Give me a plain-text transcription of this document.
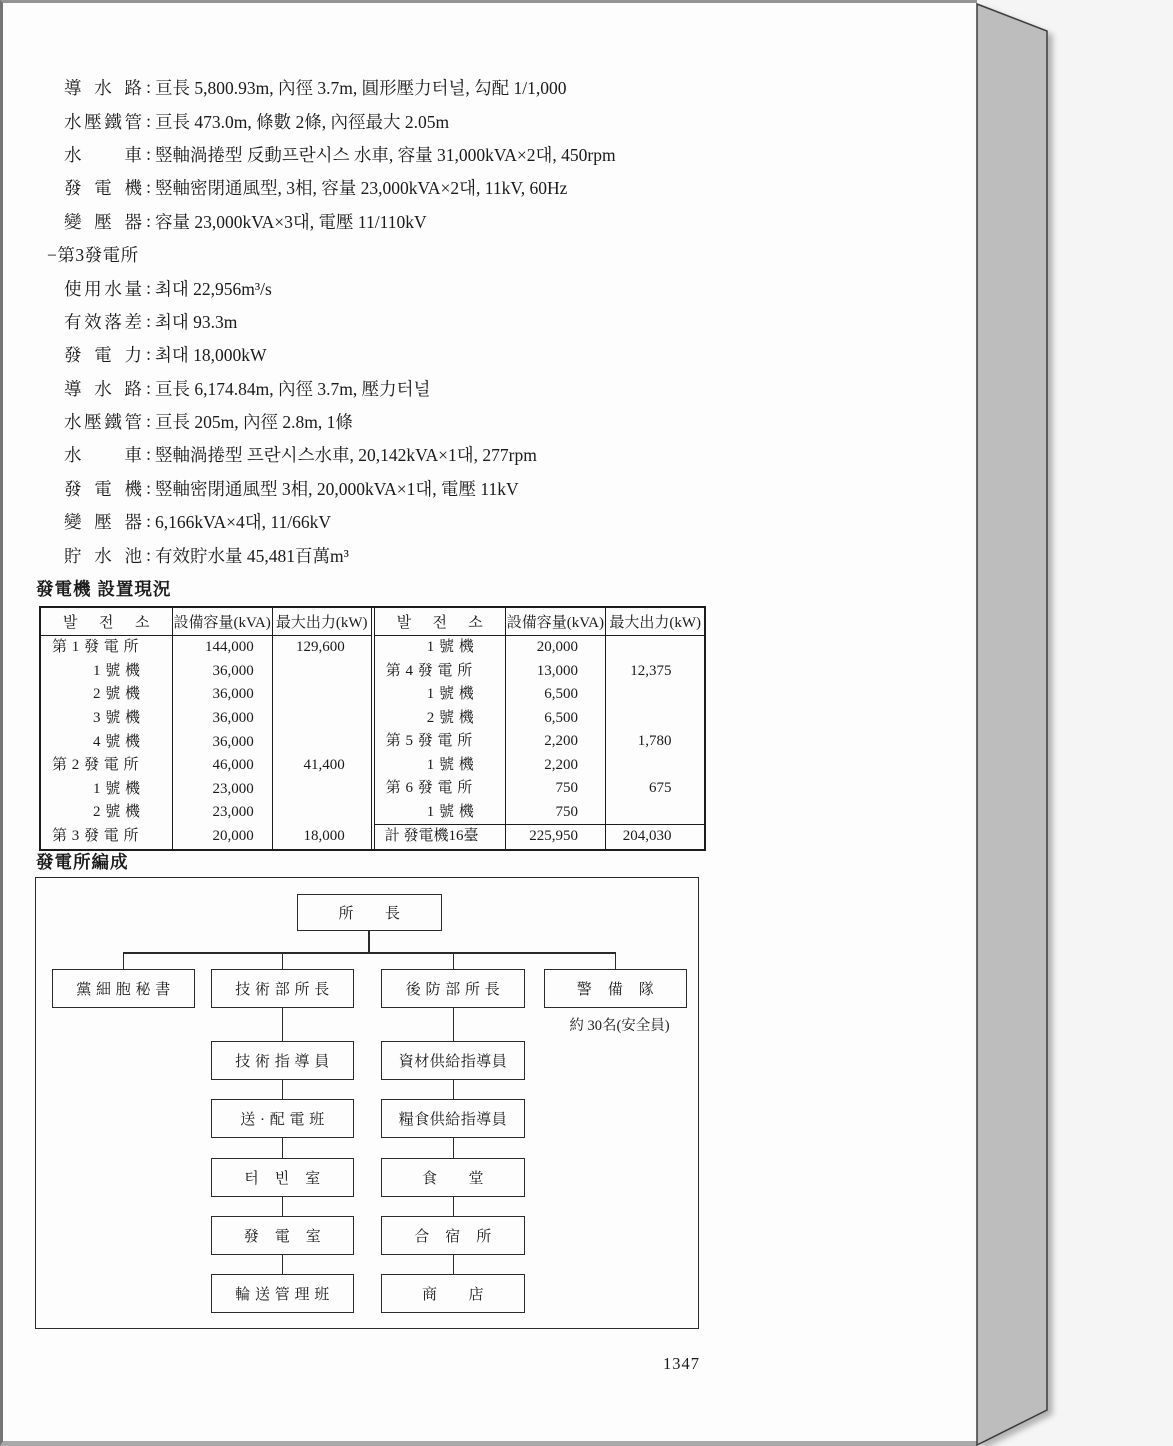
導 水 路 : 亘長 5,800.93m, 內徑 3.7m, 圓形壓力터널, 勾配 1/1,000
水壓鐵管 : 亘長 473.0m, 條數 2條, 內徑最大 2.05m
水 車 : 竪軸渦捲型 反動프란시스 水車, 容量 31,000kVA×2대, 450rpm
發 電 機 : 竪軸密閉通風型, 3相, 容量 23,000kVA×2대, 11kV, 60Hz
變 壓 器 : 容量 23,000kVA×3대, 電壓 11/110kV
−第3發電所
使用水量 : 최대 22,956m³/s
有效落差 : 최대 93.3m
發 電 力 : 최대 18,000kW
導 水 路 : 亘長 6,174.84m, 內徑 3.7m, 壓力터널
水壓鐵管 : 亘長 205m, 內徑 2.8m, 1條
水 車 : 竪軸渦捲型 프란시스水車, 20,142kVA×1대, 277rpm
發 電 機 : 竪軸密閉通風型 3相, 20,000kVA×1대, 電壓 11kV
變 壓 器 : 6,166kVA×4대, 11/66kV
貯 水 池 : 有效貯水量 45,481百萬m³
發電機 設置現況
발 전 소	設備容量(kVA)	最大出力(kW)
第 1 發 電 所	144,000	129,600
1 號 機	36,000	
2 號 機	36,000	
3 號 機	36,000	
4 號 機	36,000	
第 2 發 電 所	46,000	41,400
1 號 機	23,000	
2 號 機	23,000	
第 3 發 電 所	20,000	18,000
발 전 소	設備容量(kVA)	最大出力(kW)
1 號 機	20,000	
第 4 發 電 所	13,000	12,375
1 號 機	6,500	
2 號 機	6,500	
第 5 發 電 所	2,200	1,780
1 號 機	2,200	
第 6 發 電 所	750	675
1 號 機	750	
計 發電機16臺	225,950	204,030
發電所編成
所　　長
黨 細 胞 秘 書	技 術 部 所 長	後 防 部 所 長	警　備　隊
約 30名(安全員)
技 術 指 導 員
送 · 配 電 班
터　빈　室
發　電　室
輪 送 管 理 班
資材供給指導員
糧食供給指導員
食　　堂
合　宿　所
商　　店
1347
